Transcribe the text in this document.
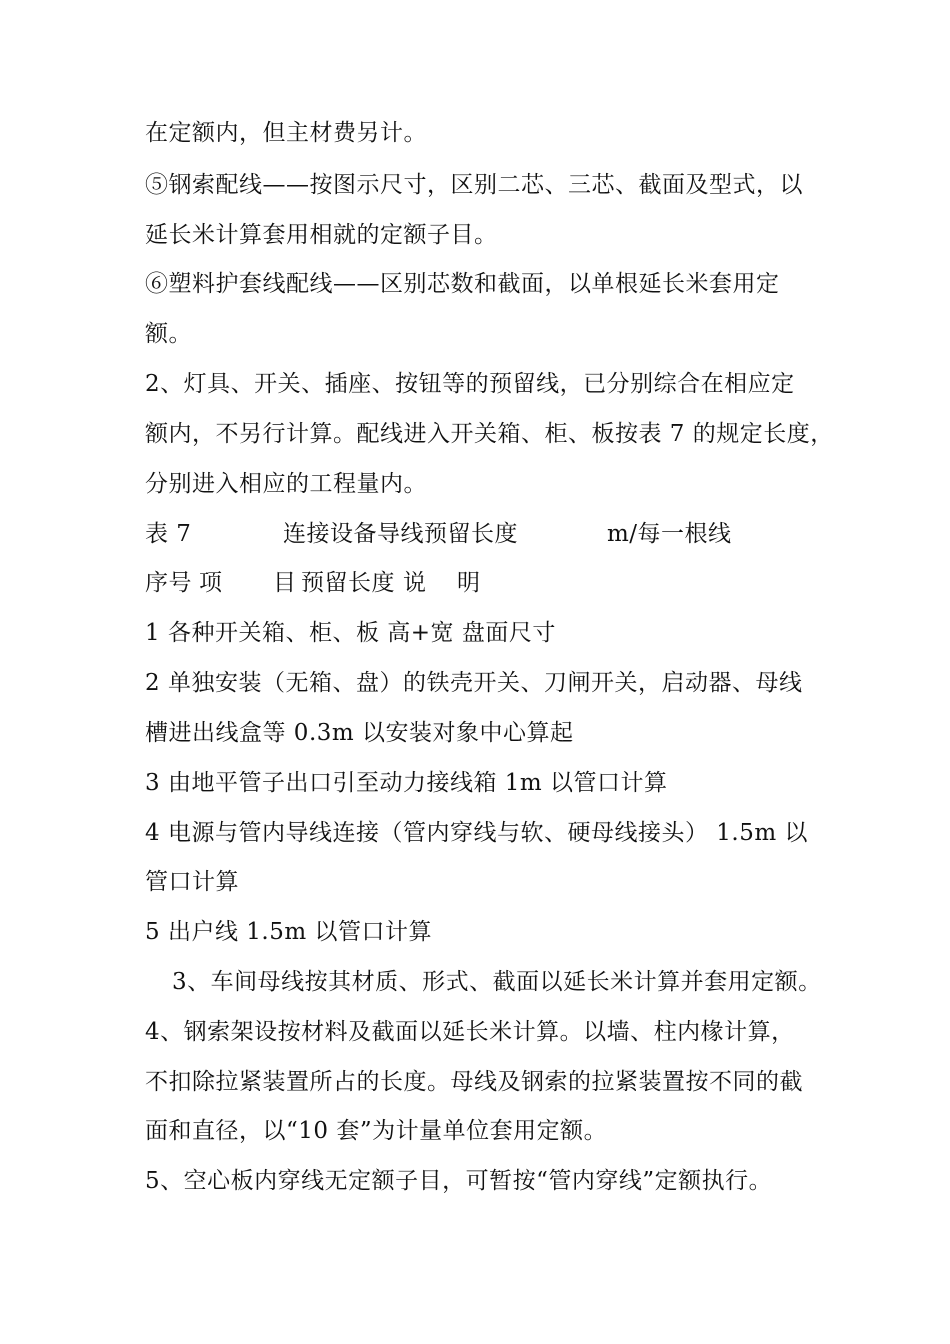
在定额内，但主材费另计。
⑤钢索配线——按图示尺寸，区别二芯、三芯、截面及型式，以
延长米计算套用相就的定额子目。
⑥塑料护套线配线——区别芯数和截面，以单根延长米套用定
额。
2、灯具、开关、插座、按钮等的预留线，已分别综合在相应定
额内，不另行计算。配线进入开关箱、柜、板按表 7 的规定长度，
分别进入相应的工程量内。
表 7	连接设备导线预留长度	m/每一根线
序号 项 目 预留长度 说 明
1 各种开关箱、柜、板 高+宽 盘面尺寸
2 单独安装（无箱、盘）的铁壳开关、刀闸开关，启动器、母线
槽进出线盒等 0.3m 以安装对象中心算起
3 由地平管子出口引至动力接线箱 1m 以管口计算
4 电源与管内导线连接（管内穿线与软、硬母线接头） 1.5m 以
管口计算
5 出户线 1.5m 以管口计算
3、车间母线按其材质、形式、截面以延长米计算并套用定额。
4、钢索架设按材料及截面以延长米计算。以墙、柱内椽计算，
不扣除拉紧装置所占的长度。母线及钢索的拉紧装置按不同的截
面和直径，以“10 套”为计量单位套用定额。
5、空心板内穿线无定额子目，可暂按“管内穿线”定额执行。
